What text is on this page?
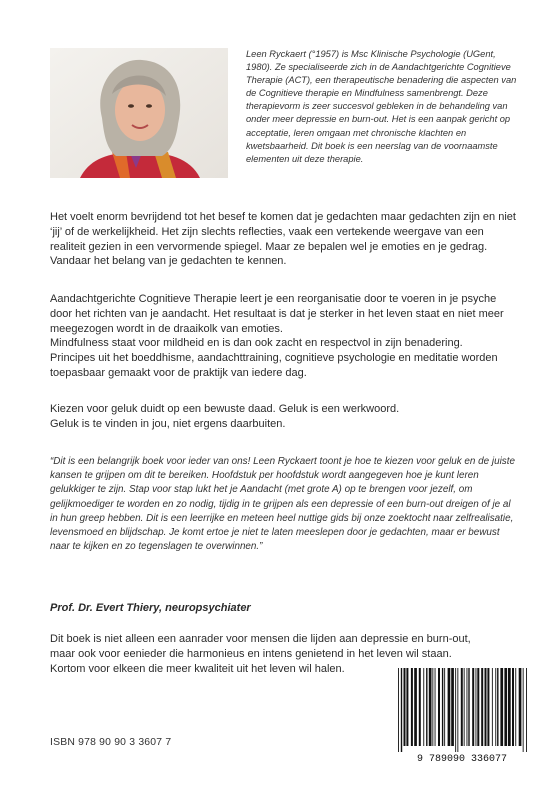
Leen Ryckaert (°1957) is Msc Klinische Psychologie (UGent, 1980). Ze specialiseerde zich in de Aandachtgerichte Cognitieve Therapie (ACT), een therapeutische benadering die aspecten van de Cognitieve therapie en Mindfulness samenbrengt. Deze therapievorm is zeer succesvol gebleken in de behandeling van onder meer depressie en burn-out. Het is een aanpak gericht op acceptatie, leren omgaan met chronische klachten en kwetsbaarheid. Dit boek is een neerslag van de voornaamste elementen uit deze therapie.
Het voelt enorm bevrijdend tot het besef te komen dat je gedachten maar gedachten zijn en niet ‘jij’ of de werkelijkheid. Het zijn slechts reflecties, vaak een vertekende weergave van een realiteit gezien in een vervormende spiegel. Maar ze bepalen wel je emoties en je gedrag. Vandaar het belang van je gedachten te kennen.
Aandachtgerichte Cognitieve Therapie leert je een reorganisatie door te voeren in je psyche door het richten van je aandacht. Het resultaat is dat je sterker in het leven staat en niet meer meegezogen wordt in de draaikolk van emoties.
Mindfulness staat voor mildheid en is dan ook zacht en respectvol in zijn benadering.
Principes uit het boeddhisme, aandachttraining, cognitieve psychologie en meditatie worden toepasbaar gemaakt voor de praktijk van iedere dag.
Kiezen voor geluk duidt op een bewuste daad. Geluk is een werkwoord.
Geluk is te vinden in jou, niet ergens daarbuiten.
“Dit is een belangrijk boek voor ieder van ons! Leen Ryckaert toont je hoe te kiezen voor geluk en de juiste kansen te grijpen om dit te bereiken. Hoofdstuk per hoofdstuk wordt aangegeven hoe je kunt leren gelukkiger te zijn. Stap voor stap lukt het je Aandacht (met grote A) op te brengen voor jezelf, om gelijkmoediger te worden en zo nodig, tijdig in te grijpen als een depressie of een burn-out dreigen of je al in hun greep hebben. Dit is een leerrijke en meteen heel nuttige gids bij onze zoektocht naar zelfrealisatie, levensmoed en blijdschap. Je komt ertoe je niet te laten meeslepen door je gedachten, maar er bewust naar te kijken en zo tegenslagen te overwinnen.”
Prof. Dr. Evert Thiery, neuropsychiater
Dit boek is niet alleen een aanrader voor mensen die lijden aan depressie en burn-out,
maar ook voor eenieder die harmonieus en intens genietend in het leven wil staan.
Kortom voor elkeen die meer kwaliteit uit het leven wil halen.
ISBN 978 90 90 3 3607 7
9 789090 336077
